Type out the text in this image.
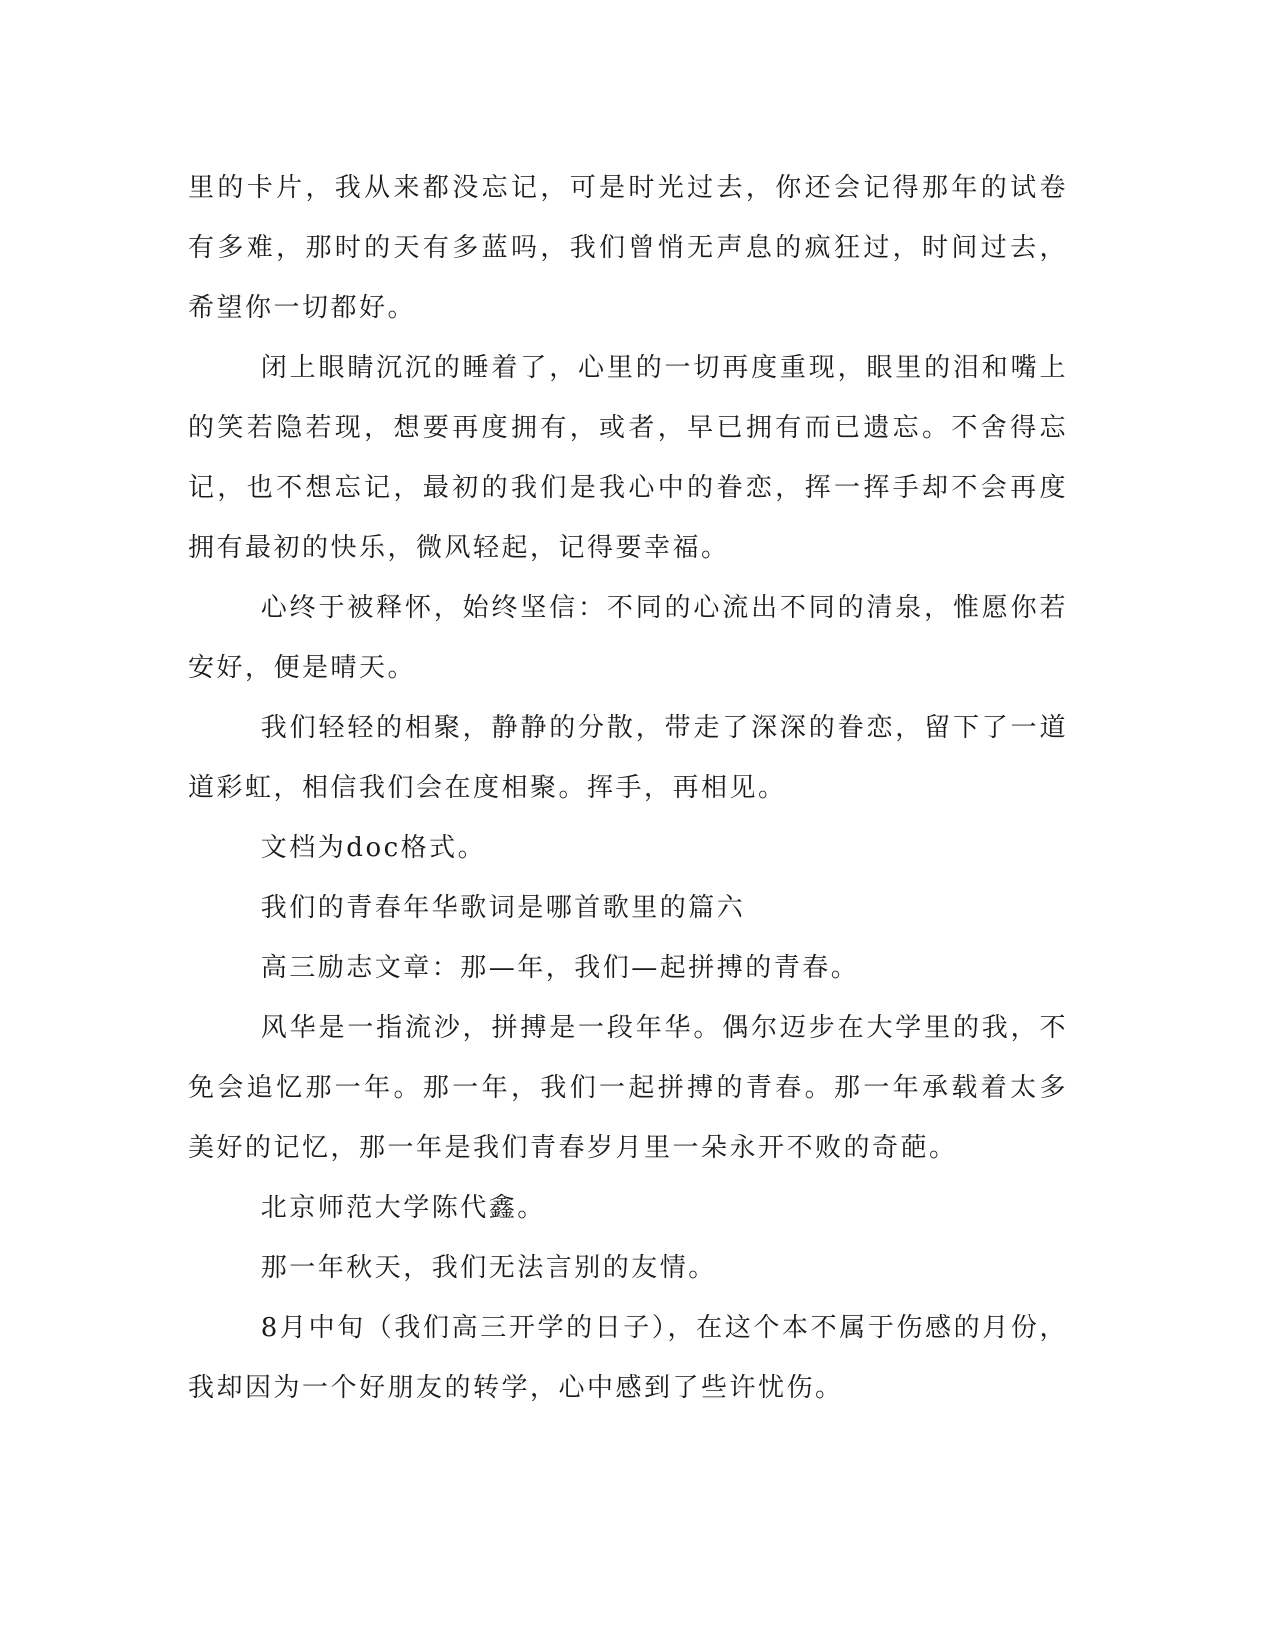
里的卡片，我从来都没忘记，可是时光过去，你还会记得那年的试卷有多难，那时的天有多蓝吗，我们曾悄无声息的疯狂过，时间过去，希望你一切都好。

闭上眼睛沉沉的睡着了，心里的一切再度重现，眼里的泪和嘴上的笑若隐若现，想要再度拥有，或者，早已拥有而已遗忘。不舍得忘记，也不想忘记，最初的我们是我心中的眷恋，挥一挥手却不会再度拥有最初的快乐，微风轻起，记得要幸福。

心终于被释怀，始终坚信：不同的心流出不同的清泉，惟愿你若安好，便是晴天。

我们轻轻的相聚，静静的分散，带走了深深的眷恋，留下了一道道彩虹，相信我们会在度相聚。挥手，再相见。

文档为doc格式。

我们的青春年华歌词是哪首歌里的篇六

高三励志文章：那—年，我们—起拼搏的青春。

风华是一指流沙，拼搏是一段年华。偶尔迈步在大学里的我，不免会追忆那一年。那一年，我们一起拼搏的青春。那一年承载着太多美好的记忆，那一年是我们青春岁月里一朵永开不败的奇葩。

北京师范大学陈代鑫。

那一年秋天，我们无法言别的友情。

8月中旬（我们高三开学的日子），在这个本不属于伤感的月份，我却因为一个好朋友的转学，心中感到了些许忧伤。
